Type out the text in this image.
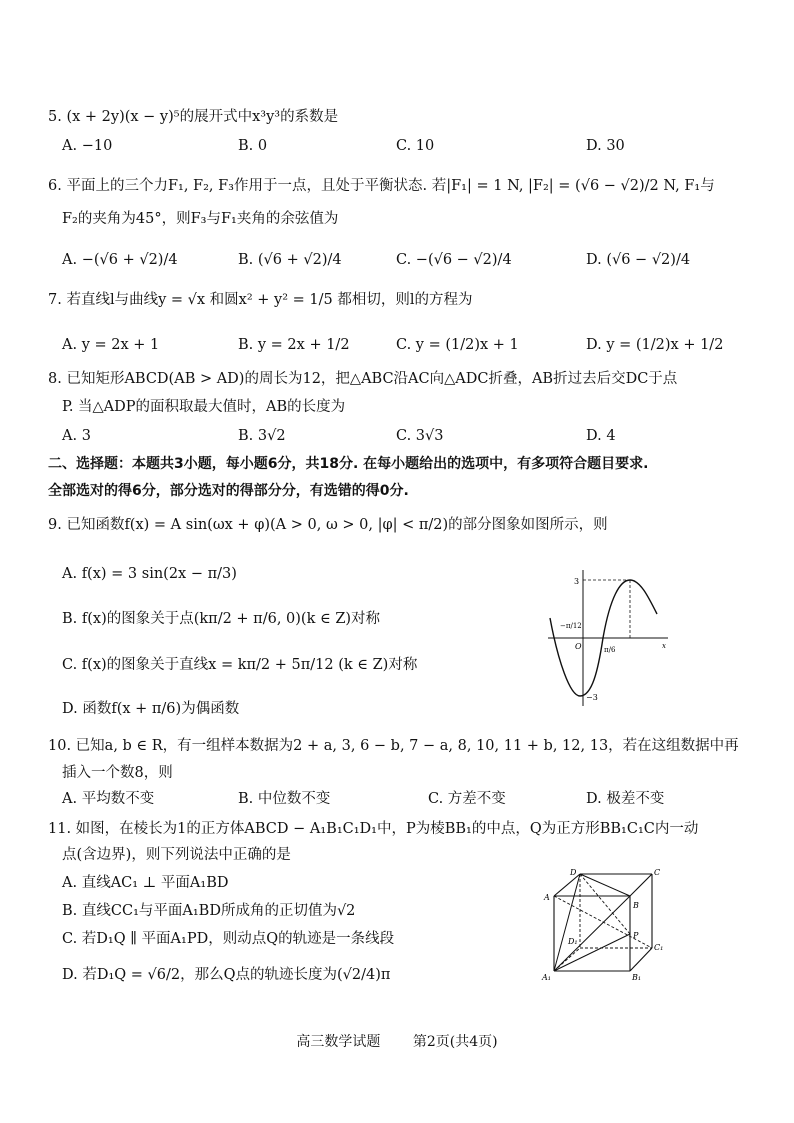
5. (x + 2y)(x − y)⁵的展开式中x³y³的系数是
A. −10	B. 0	C. 10	D. 30
6. 平面上的三个力F₁, F₂, F₃作用于一点，且处于平衡状态. 若|F₁| = 1 N, |F₂| = (√6 − √2)/2 N, F₁与
F₂的夹角为45°，则F₃与F₁夹角的余弦值为
A. −(√6 + √2)/4	B. (√6 + √2)/4	C. −(√6 − √2)/4	D. (√6 − √2)/4
7. 若直线l与曲线y = √x 和圆x² + y² = 1/5 都相切，则l的方程为
A. y = 2x + 1	B. y = 2x + 1/2	C. y = (1/2)x + 1	D. y = (1/2)x + 1/2
8. 已知矩形ABCD(AB > AD)的周长为12，把△ABC沿AC向△ADC折叠，AB折过去后交DC于点
P. 当△ADP的面积取最大值时，AB的长度为
A. 3	B. 3√2	C. 3√3	D. 4
二、选择题：本题共3小题，每小题6分，共18分. 在每小题给出的选项中，有多项符合题目要求.
全部选对的得6分，部分选对的得部分分，有选错的得0分.
9. 已知函数f(x) = A sin(ωx + φ)(A > 0, ω > 0, |φ| < π/2)的部分图象如图所示，则
A. f(x) = 3 sin(2x − π/3)
B. f(x)的图象关于点(kπ/2 + π/6, 0)(k ∈ Z)对称
C. f(x)的图象关于直线x = kπ/2 + 5π/12 (k ∈ Z)对称
D. 函数f(x + π/6)为偶函数
3
−3
O
−π/12
π/6	x
10. 已知a, b ∈ R，有一组样本数据为2 + a, 3, 6 − b, 7 − a, 8, 10, 11 + b, 12, 13，若在这组数据中再
插入一个数8，则
A. 平均数不变	B. 中位数不变	C. 方差不变	D. 极差不变
11. 如图，在棱长为1的正方体ABCD − A₁B₁C₁D₁中，P为棱BB₁的中点，Q为正方形BB₁C₁C内一动
点(含边界)，则下列说法中正确的是
A. 直线AC₁ ⊥ 平面A₁BD
B. 直线CC₁与平面A₁BD所成角的正切值为√2
C. 若D₁Q ∥ 平面A₁PD，则动点Q的轨迹是一条线段
D. 若D₁Q = √6/2，那么Q点的轨迹长度为(√2/4)π
D	C
A
B
D₁
P
C₁
A₁	B₁
高三数学试题 第2页(共4页)
